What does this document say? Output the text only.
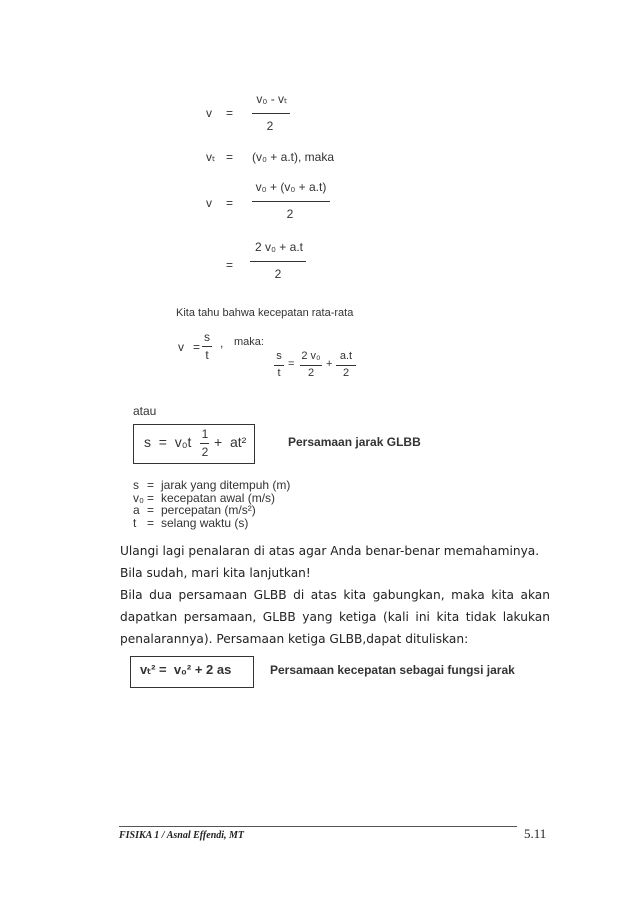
v =
v₀ - vₜ
2
vₜ = (v₀ + a.t), maka
v =
v₀ + (v₀ + a.t)
2
=
2 v₀ + a.t
2
Kita tahu bahwa kecepatan rata-rata
v =
s
t
, maka:
s
t
=
2 v₀
2
+
a.t
2
atau
s  =  v₀t 1
2
+  at²	Persamaan jarak GLBB
s = jarak yang ditempuh (m)
v₀ = kecepatan awal (m/s)
a = percepatan (m/s²)
t = selang waktu (s)
Ulangi lagi penalaran di atas agar Anda benar-benar memahaminya.
Bila sudah, mari kita lanjutkan!
Bila dua persamaan GLBB di atas kita gabungkan, maka kita akan
dapatkan persamaan, GLBB yang ketiga (kali ini kita tidak lakukan
penalarannya). Persamaan ketiga GLBB,dapat dituliskan:
vₜ² =  v₀² + 2 as	Persamaan kecepatan sebagai fungsi jarak
FISIKA 1 / Asnal Effendi, MT	5.11
